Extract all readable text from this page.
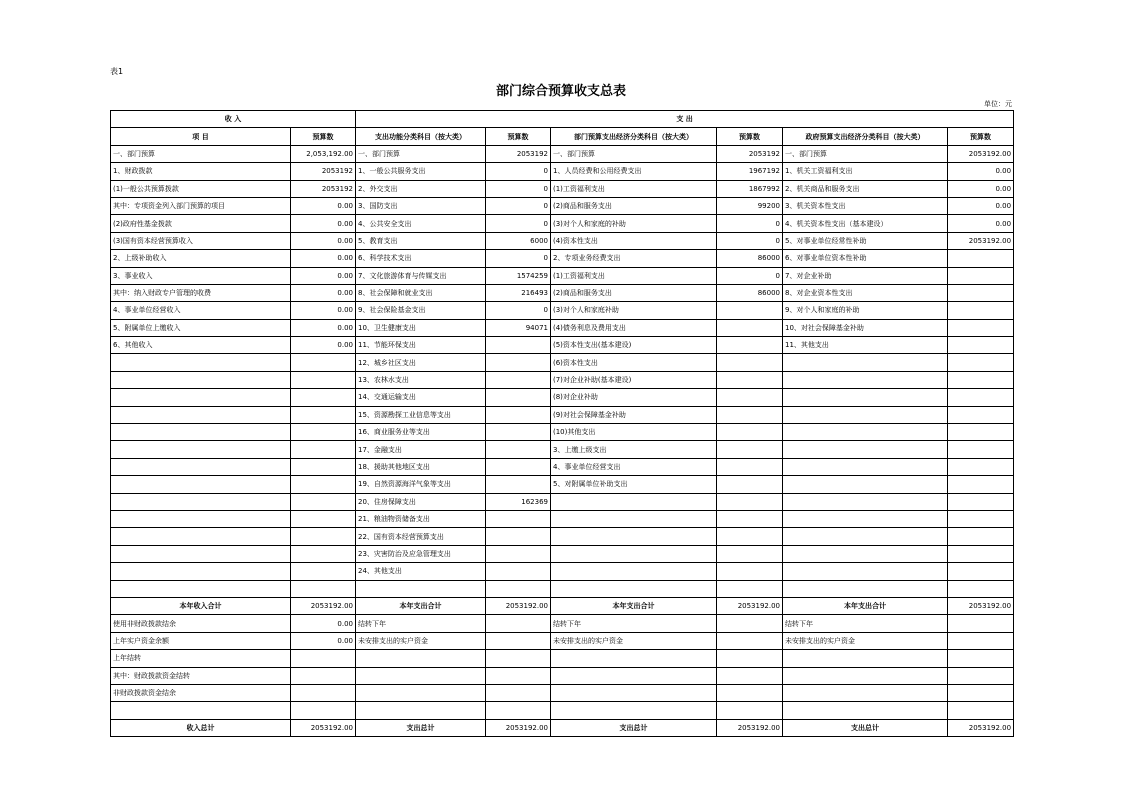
表1
部门综合预算收支总表
单位：元
收 入		支 出					
项 目	预算数	支出功能分类科目（按大类）	预算数	部门预算支出经济分类科目（按大类）	预算数	政府预算支出经济分类科目（按大类）	预算数
一、部门预算	2,053,192.00	一、部门预算	2053192	一、部门预算	2053192	一、部门预算	2053192.00
1、财政拨款	2053192	1、一般公共服务支出	0	1、人员经费和公用经费支出	1967192	1、机关工资福利支出	0.00
(1)一般公共预算拨款	2053192	2、外交支出	0	(1)工资福利支出	1867992	2、机关商品和服务支出	0.00
其中：专项资金列入部门预算的项目	0.00	3、国防支出	0	(2)商品和服务支出	99200	3、机关资本性支出	0.00
(2)政府性基金拨款	0.00	4、公共安全支出	0	(3)对个人和家庭的补助	0	4、机关资本性支出（基本建设）	0.00
(3)国有资本经营预算收入	0.00	5、教育支出	6000	(4)资本性支出	0	5、对事业单位经常性补助	2053192.00
2、上级补助收入	0.00	6、科学技术支出	0	2、专项业务经费支出	86000	6、对事业单位资本性补助	
3、事业收入	0.00	7、文化旅游体育与传媒支出	1574259	(1)工资福利支出	0	7、对企业补助	
其中：纳入财政专户管理的收费	0.00	8、社会保障和就业支出	216493	(2)商品和服务支出	86000	8、对企业资本性支出	
4、事业单位经营收入	0.00	9、社会保险基金支出	0	(3)对个人和家庭补助		9、对个人和家庭的补助	
5、附属单位上缴收入	0.00	10、卫生健康支出	94071	(4)债务利息及费用支出		10、对社会保障基金补助	
6、其他收入	0.00	11、节能环保支出		(5)资本性支出(基本建设)		11、其他支出	
		12、城乡社区支出		(6)资本性支出			
		13、农林水支出		(7)对企业补助(基本建设)			
		14、交通运输支出		(8)对企业补助			
		15、资源勘探工业信息等支出		(9)对社会保障基金补助			
		16、商业服务业等支出		(10)其他支出			
		17、金融支出		3、上缴上级支出			
		18、援助其他地区支出		4、事业单位经营支出			
		19、自然资源海洋气象等支出		5、对附属单位补助支出			
		20、住房保障支出	162369				
		21、粮油物资储备支出					
		22、国有资本经营预算支出					
		23、灾害防治及应急管理支出					
		24、其他支出					

本年收入合计	2053192.00	本年支出合计	2053192.00	本年支出合计	2053192.00	本年支出合计	2053192.00
使用非财政拨款结余	0.00	结转下年		结转下年		结转下年	
上年实户资金余额	0.00	未安排支出的实户资金		未安排支出的实户资金		未安排支出的实户资金	
上年结转							
其中：财政拨款资金结转							
非财政拨款资金结余							

收入总计	2053192.00	支出总计	2053192.00	支出总计	2053192.00	支出总计	2053192.00
